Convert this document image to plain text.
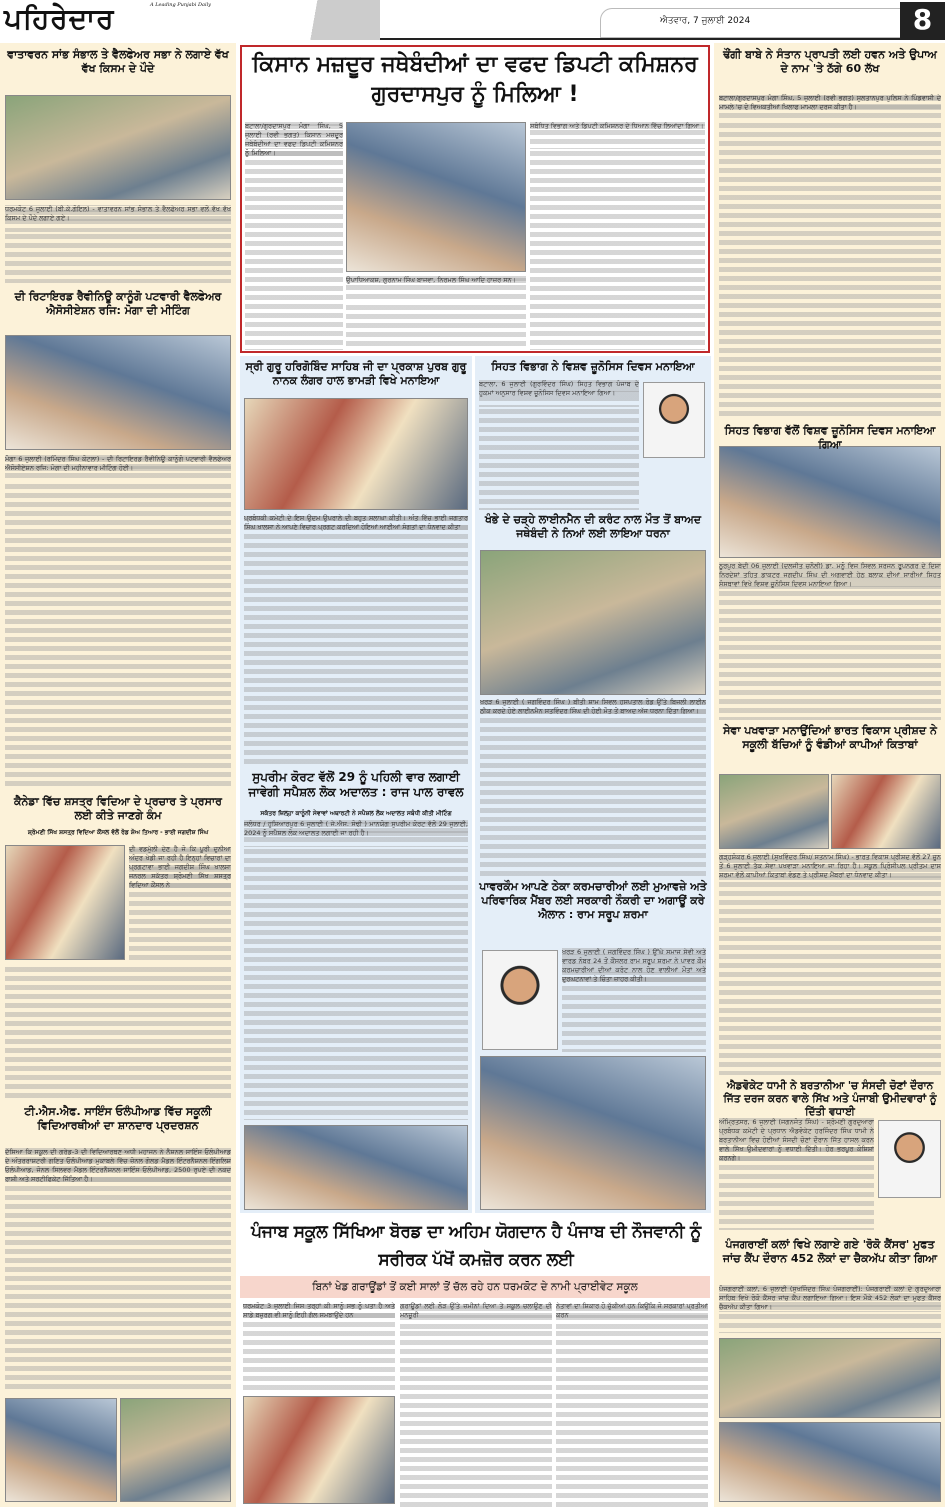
ਪਹਿਰੇਦਾਰ	A Leading Punjabi Daily
ਐਤਵਾਰ, 7 ਜੁਲਾਈ 2024	8
ਵਾਤਾਵਰਨ ਸਾਂਭ ਸੰਭਾਲ ਤੇ ਵੈਲਫੇਅਰ ਸਭਾ ਨੇ ਲਗਾਏ ਵੱਖ ਵੱਖ ਕਿਸਮ ਦੇ ਪੌਦੇ
ਧਰਮਕੋਟ 6 ਜੁਲਾਈ (ਬੀ.ਕੇ.ਗੋਇਲ) - ਵਾਤਾਵਰਨ ਸਾਂਭ ਸੰਭਾਲ ਤੇ ਵੈਲਫੇਅਰ ਸਭਾ ਵਲੋਂ ਵੱਖ ਵੱਖ ਕਿਸਮ ਦੇ ਪੌਦੇ ਲਗਾਏ ਗਏ।
ਦੀ ਰਿਟਾਇਰਡ ਰੈਵੀਨਿਊ ਕਾਨੂੰਗੋ ਪਟਵਾਰੀ ਵੈਲਫੇਅਰ ਐਸੋਸੀਏਸ਼ਨ ਰਜਿ: ਮੋਗਾ ਦੀ ਮੀਟਿੰਗ
ਮੋਗਾ 6 ਜੁਲਾਈ (ਰਮਿੰਦਰ ਸਿੰਘ ਕੋਟਲਾ) - ਦੀ ਰਿਟਾਇਰਡ ਰੈਵੀਨਿਊ ਕਾਨੂੰਗੋ ਪਟਵਾਰੀ ਵੈਲਫੇਅਰ ਐਸੋਸੀਏਸ਼ਨ ਰਜਿ: ਮੋਗਾ ਦੀ ਮਹੀਨਾਵਾਰ ਮੀਟਿੰਗ ਹੋਈ।
ਕੈਨੇਡਾ ਵਿੱਚ ਸ਼ਸਤ੍ਰ ਵਿਦਿਆ ਦੇ ਪ੍ਰਚਾਰ ਤੇ ਪ੍ਰਸਾਰ ਲਈ ਕੀਤੇ ਜਾਣਗੇ ਕੰਮ
ਸ਼੍ਰੋਮਣੀ ਸਿੱਖ ਸ਼ਸਤ੍ਰ ਵਿਦਿਆ ਕੌਂਸਲ ਵੱਲੋਂ ਰੋਡ ਸ਼ੋਅ ਤਿਆਰ - ਭਾਈ ਜਗਦੀਸ਼ ਸਿੰਘ
ਦੀ ਵਡਮੁੱਲੀ ਦੇਣ ਹੈ ਜੋ ਕਿ ਪੂਰੀ ਦੁਨੀਆ ਅੰਦਰ ਖੇਡੀ ਜਾ ਰਹੀ ਹੈ ਇਨ੍ਹਾਂ ਵਿਚਾਰਾਂ ਦਾ ਪ੍ਰਗਟਾਵਾ ਭਾਈ ਜਗਦੀਸ਼ ਸਿੰਘ ਖਾਲਸਾ ਜਨਰਲ ਸਕੱਤਰ ਸ਼੍ਰੋਮਣੀ ਸਿੱਖ ਸ਼ਸਤ੍ਰ ਵਿਦਿਆ ਕੌਂਸਲ ਨੇ
ਟੀ.ਐਸ.ਐਫ. ਸਾਇੰਸ ਓਲੰਪੀਆਡ ਵਿੱਚ ਸਕੂਲੀ ਵਿਦਿਆਰਥੀਆਂ ਦਾ ਸ਼ਾਨਦਾਰ ਪ੍ਰਦਰਸ਼ਨ
ਦੱਸਿਆ ਕਿ ਸਕੂਲ ਦੀ ਗਰੇਡ-3 ਦੀ ਵਿਦਿਆਰਥਣ ਅਧੀ ਮਹਾਜਨ ਨੇ ਨੈਸ਼ਨਲ ਸਾਇੰਸ ਓਲੰਪੀਆਡ ਦੇ ਅੰਤਰਰਾਸ਼ਟਰੀ ਗਣਿਤ ਓਲੰਪੀਆਡ ਮੁਕਾਬਲੇ ਵਿੱਚ ਜ਼ੋਨਲ ਗੋਲਡ ਮੈਡਲ ਇੰਟਰਨੈਸ਼ਨਲ ਇੰਗਲਿਸ਼ ਓਲੰਪੀਆਡ, ਜੋਨਲ ਸਿਲਵਰ ਮੈਡਲ ਇੰਟਰਨੈਸ਼ਨਲ ਸਾਇੰਸ ਓਲੰਪੀਆਡ, 2500 ਰੁਪਏ ਦੀ ਨਕਦ ਰਾਸ਼ੀ ਅਤੇ ਸਰਟੀਫਿਕੇਟ ਜਿੱਤਿਆ ਹੈ।
ਕਿਸਾਨ ਮਜ਼ਦੂਰ ਜਥੇਬੰਦੀਆਂ ਦਾ ਵਫਦ ਡਿਪਟੀ ਕਮਿਸ਼ਨਰ ਗੁਰਦਾਸਪੁਰ ਨੂੰ ਮਿਲਿਆ !
ਬਟਾਲਾ/ਗੁਰਦਾਸਪੁਰ ਮੰਗਾ ਸਿੰਘ, 5 ਜੁਲਾਈ (ਰਵੀ ਭਗਤ) ਕਿਸਾਨ ਮਜ਼ਦੂਰ ਜਥੇਬੰਦੀਆਂ ਦਾ ਵਫਦ ਡਿਪਟੀ ਕਮਿਸ਼ਨਰ ਨੂੰ ਮਿਲਿਆ।
ਉਪਾਧਿਆਕਸ਼, ਗੁਰਨਾਮ ਸਿੰਘ ਬਾਜਵਾ, ਨਿਰਮਲ ਸਿੰਘ ਆਦਿ ਹਾਜ਼ਰ ਸਨ।
ਸਬੰਧਿਤ ਵਿਭਾਗ ਅਤੇ ਡਿਪਟੀ ਕਮਿਸ਼ਨਰ ਦੇ ਧਿਆਨ ਵਿੱਚ ਲਿਆਂਦਾ ਗਿਆ।
ਸ੍ਰੀ ਗੁਰੂ ਹਰਿਗੋਬਿੰਦ ਸਾਹਿਬ ਜੀ ਦਾ ਪ੍ਰਕਾਸ਼ ਪੁਰਬ ਗੁਰੂ ਨਾਨਕ ਲੰਗਰ ਹਾਲ ਭਾਮੜੀ ਵਿਖੇ ਮਨਾਇਆ
ਪ੍ਰਬੰਧਕੀ ਕਮੇਟੀ ਦੇ ਇਸ ਉਦਮ ਉਪਰਾਲੇ ਦੀ ਬਹੁਤ ਸਲਾਘਾ ਕੀਤੀ। ਅੰਤ ਵਿੱਚ ਭਾਈ ਜਗਤਾਰ ਸਿੰਘ ਖਾਲਸਾ ਨੇ ਆਪਣੇ ਵਿਚਾਰ ਪ੍ਰਗਟ ਕਰਦਿਆਂ ਹੋਇਆਂ ਆਈਆਂ ਸੰਗਤਾਂ ਦਾ ਧੰਨਵਾਦ ਕੀਤਾ
ਸੁਪਰੀਮ ਕੋਰਟ ਵੱਲੋਂ 29 ਨੂੰ ਪਹਿਲੀ ਵਾਰ ਲਗਾਈ ਜਾਵੇਗੀ ਸਪੈਸ਼ਲ ਲੋਕ ਅਦਾਲਤ : ਰਾਜ ਪਾਲ ਰਾਵਲ
ਸਕੱਤਰ ਜ਼ਿਲ੍ਹਾ ਕਾਨੂੰਨੀ ਸੇਵਾਵਾਂ ਅਥਾਰਟੀ ਨੇ ਸਪੈਸ਼ਲ ਲੋਕ ਅਦਾਲਤ ਸਬੰਧੀ ਕੀਤੀ ਮੀਟਿੰਗ
ਜਲੰਧਰ / ਹੁਸ਼ਿਆਰਪੁਰ 6 ਜੁਲਾਈ ( ਜੇ.ਐਸ. ਸੋਢੀ ) ਮਾਨਯੋਗ ਸੁਪਰੀਮ ਕੋਰਟ ਵੱਲੋਂ 29 ਜੁਲਾਈ, 2024 ਨੂੰ ਸਪੈਸ਼ਲ ਲੋਕ ਅਦਾਲਤ ਲਗਾਈ ਜਾ ਰਹੀ ਹੈ।
ਸਿਹਤ ਵਿਭਾਗ ਨੇ ਵਿਸ਼ਵ ਜ਼ੂਨੋਸਿਸ ਦਿਵਸ ਮਨਾਇਆ
ਬਟਾਲਾ, 6 ਜੁਲਾਈ (ਗੁਰਵਿੰਦਰ ਸਿੰਘ) ਸਿਹਤ ਵਿਭਾਗ ਪੰਜਾਬ ਦੇ ਹੁਕਮਾਂ ਅਨੁਸਾਰ ਵਿਸ਼ਵ ਜ਼ੂਨੋਸਿਸ ਦਿਵਸ ਮਨਾਇਆ ਗਿਆ।
ਖੰਭੇ ਦੇ ਚੜ੍ਹੇ ਲਾਈਨਮੈਨ ਦੀ ਕਰੰਟ ਨਾਲ ਮੌਤ ਤੋਂ ਬਾਅਦ ਜਥੇਬੰਦੀ ਨੇ ਨਿਆਂ ਲਈ ਲਾਇਆ ਧਰਨਾ
ਖਰੜ 6 ਜੁਲਾਈ ( ਜਗਵਿੰਦਰ ਸਿੰਘ ) ਬੀਤੀ ਸ਼ਾਮ ਸਿਵਲ ਹਸਪਤਾਲ ਰੋਡ ਉੱਤੇ ਬਿਜਲੀ ਲਾਈਨ ਠੀਕ ਕਰਦੇ ਹੋਏ ਲਾਈਨਮੈਨ ਸਤਵਿੰਦਰ ਸਿੰਘ ਦੀ ਹੋਈ ਮੌਤ ਤੋਂ ਬਾਅਦ ਅੱਜ ਧਰਨਾ ਦਿੱਤਾ ਗਿਆ।
ਪਾਵਰਕੌਮ ਆਪਣੇ ਠੇਕਾ ਕਰਮਚਾਰੀਆਂ ਲਈ ਮੁਆਵਜ਼ੇ ਅਤੇ ਪਰਿਵਾਰਿਕ ਮੈਂਬਰ ਲਈ ਸਰਕਾਰੀ ਨੌਕਰੀ ਦਾ ਅਗਾਊਂ ਕਰੇ ਐਲਾਨ : ਰਾਮ ਸਰੂਪ ਸ਼ਰਮਾ
ਖਰੜ 6 ਜੁਲਾਈ ( ਜਗਵਿੰਦਰ ਸਿੰਘ ) ਉੱਘੇ ਸਮਾਜ ਸੇਵੀ ਅਤੇ ਵਾਰਡ ਨੰਬਰ 24 ਤੋਂ ਕੌਂਸਲਰ ਰਾਮ ਸਰੂਪ ਸ਼ਰਮਾ ਨੇ ਪਾਵਰ ਕੌਮ ਕਰਮਚਾਰੀਆਂ ਦੀਆਂ ਕਰੰਟ ਨਾਲ ਹੋਣ ਵਾਲੀਆਂ ਮੌਤਾਂ ਅਤੇ ਦੁਰਘਟਨਾਵਾਂ ਤੇ ਚਿੰਤਾ ਜ਼ਾਹਰ ਕੀਤੀ।
ਪੰਜਾਬ ਸਕੂਲ ਸਿੱਖਿਆ ਬੋਰਡ ਦਾ ਅਹਿਮ ਯੋਗਦਾਨ ਹੈ ਪੰਜਾਬ ਦੀ ਨੌਜਵਾਨੀ ਨੂੰ ਸਰੀਰਕ ਪੱਖੋਂ ਕਮਜ਼ੋਰ ਕਰਨ ਲਈ
ਬਿਨਾਂ ਖੇਡ ਗਰਾਊਂਡਾਂ ਤੋਂ ਕਈ ਸਾਲਾਂ ਤੋਂ ਚੱਲ ਰਹੇ ਹਨ ਧਰਮਕੋਟ ਦੇ ਨਾਮੀ ਪ੍ਰਾਈਵੇਟ ਸਕੂਲ
ਧਰਮਕੋਟ 3 ਜੁਲਾਈ ਜਿਸ ਤਰ੍ਹਾਂ ਕੀ ਸਾਨੂੰ ਸਭ ਨੂੰ ਪਤਾ ਹੈ ਅਤੇ ਸਾਡੇ ਬਜ਼ੁਰਗ ਵੀ ਸਾਨੂੰ ਇਹੀ ਗੱਲ ਸਮਝਾਉਂਦੇ ਹਨ
ਗਰਾਊਂਡਾਂ ਲਈ ਲੋੜ ਉੱਤੇ ਜ਼ਮੀਨਾਂ ਦਿਆ ਤੇ ਸਕੂਲ ਚਲਾਉਣ ਦੀ ਮਨਜ਼ੂਰੀ
ਨੇਤਾਵਾਂ ਦਾ ਸ਼ਿਕਾਰ ਹੋ ਚੁੱਕੀਆਂ ਹਨ ਕਿਉਂਕਿ ਜੋ ਸਰਕਾਰਾਂ ਪ੍ਰਤੀਆਂ ਕਰਨ
ਢੌਂਗੀ ਬਾਬੇ ਨੇ ਸੰਤਾਨ ਪ੍ਰਾਪਤੀ ਲਈ ਹਵਨ ਅਤੇ ਉਪਾਅ ਦੇ ਨਾਮ 'ਤੇ ਠੱਗੇ 60 ਲੱਖ
ਬਟਾਲਾ/ਗੁਰਦਾਸਪੁਰ ਮੰਗਾ ਸਿੰਘ, 5 ਜੁਲਾਈ (ਰਵੀ ਭਗਤ) ਸੁਲਤਾਨਪੁਰ ਪੁਲਿਸ ਨੇ ਪਿੰਡਵਾਸੀ ਦੇ ਮਾਮਲੇ 'ਚ ਦੋ ਵਿਅਕਤੀਆਂ ਖਿਲਾਫ ਮਾਮਲਾ ਦਰਜ ਕੀਤਾ ਹੈ।
ਸਿਹਤ ਵਿਭਾਗ ਵੱਲੋਂ ਵਿਸ਼ਵ ਜ਼ੂਨੋਸਿਸ ਦਿਵਸ ਮਨਾਇਆ ਗਿਆ
ਨੂਰਪੁਰ ਬੇਦੀ 06 ਜੁਲਾਈ (ਦਲਜੀਤ ਚਨੌਲੀ) ਡਾ. ਮਨੂੰ ਵਿਜ ਸਿਵਲ ਸਰਜਨ ਰੂਪਨਗਰ ਦੇ ਦਿਸ਼ਾ ਨਿਰਦੇਸ਼ਾਂ ਤਹਿਤ ਡਾਕਟਰ ਜਗਦੀਪ ਸਿੰਘ ਦੀ ਅਗਵਾਈ ਹੇਠ ਬਲਾਕ ਦੀਆਂ ਸਾਰੀਆਂ ਸਿਹਤ ਸੰਸਥਾਵਾਂ ਵਿਖੇ ਵਿਸ਼ਵ ਜ਼ੂਨੋਸਿਸ ਦਿਵਸ ਮਨਾਇਆ ਗਿਆ।
ਸੇਵਾ ਪਖਵਾੜਾ ਮਨਾਉਂਦਿਆਂ ਭਾਰਤ ਵਿਕਾਸ ਪ੍ਰੀਸ਼ਦ ਨੇ ਸਕੂਲੀ ਬੱਚਿਆਂ ਨੂੰ ਵੰਡੀਆਂ ਕਾਪੀਆਂ ਕਿਤਾਬਾਂ
ਗੜ੍ਹਸ਼ੰਕਰ 6 ਜੁਲਾਈ (ਸੁਖਵਿੰਦਰ ਸਿੰਘ/ ਸਤਨਾਮ ਸਿੰਘ) - ਭਾਰਤ ਵਿਕਾਸ ਪ੍ਰੀਸ਼ਦ ਵੱਲੋਂ 27 ਜੂਨ ਤੋਂ 6 ਜੁਲਾਈ ਤੱਕ ਸੇਵਾ ਪਖਵਾੜਾ ਮਨਾਇਆ ਜਾ ਰਿਹਾ ਹੈ। ਸਕੂਲ ਪ੍ਰਿੰਸੀਪਲ ਪ੍ਰੀਤਮ ਦਾਸ ਸ਼ਰਮਾ ਵੱਲੋਂ ਕਾਪੀਆਂ ਕਿਤਾਬਾਂ ਵੰਡਣ ਤੇ ਪ੍ਰੀਸ਼ਦ ਮੈਂਬਰਾਂ ਦਾ ਧੰਨਵਾਦ ਕੀਤਾ।
ਐਡਵੋਕੇਟ ਧਾਮੀ ਨੇ ਬਰਤਾਨੀਆ 'ਚ ਸੰਸਦੀ ਚੋਣਾਂ ਦੌਰਾਨ ਜਿੱਤ ਦਰਜ ਕਰਨ ਵਾਲੇ ਸਿੱਖ ਅਤੇ ਪੰਜਾਬੀ ਉਮੀਦਵਾਰਾਂ ਨੂੰ ਦਿੱਤੀ ਵਧਾਈ
ਅੰਮ੍ਰਿਤਸਰ, 6 ਜੁਲਾਈ (ਜਗਨਜੋਤ ਸਿੰਘ) - ਸ਼੍ਰੋਮਣੀ ਗੁਰਦੁਆਰਾ ਪ੍ਰਬੰਧਕ ਕਮੇਟੀ ਦੇ ਪ੍ਰਧਾਨ ਐਡਵੋਕੇਟ ਹਰਜਿੰਦਰ ਸਿੰਘ ਧਾਮੀ ਨੇ ਬਰਤਾਨੀਆ ਵਿਚ ਹੋਈਆਂ ਸੰਸਦੀ ਚੋਣਾਂ ਦੌਰਾਨ ਜਿੱਤ ਹਾਸਲ ਕਰਨ ਵਾਲੇ ਸਿੱਖ ਉਮੀਦਵਾਰਾਂ ਨੂੰ ਵਧਾਈ ਦਿੱਤੀ। ਹੋਰ ਭਰਪੂਰ ਕੋਸ਼ਿਸ਼ਾਂ ਕਰਨਗੇ।
ਪੰਜਗਰਾਈਂ ਕਲਾਂ ਵਿਖੇ ਲਗਾਏ ਗਏ 'ਰੋਕੋ ਕੈਂਸਰ' ਮੁਫਤ ਜਾਂਚ ਕੈਂਪ ਦੌਰਾਨ 452 ਲੋਕਾਂ ਦਾ ਚੈਕਅੱਪ ਕੀਤਾ ਗਿਆ
ਪੰਜਗਰਾਈਂ ਕਲਾਂ, 6 ਜੁਲਾਈ (ਸੁਖਜਿੰਦਰ ਸਿੰਘ ਪੰਜਗਰਾਈਂ): ਪੰਜਗਰਾਈਂ ਕਲਾਂ ਦੇ ਗੁਰਦੁਆਰਾ ਸਾਹਿਬ ਵਿਖੇ ਰੋਕੋ ਕੈਂਸਰ ਜਾਂਚ ਕੈਂਪ ਲਗਾਇਆ ਗਿਆ। ਇਸ ਮੌਕੇ 452 ਲੋਕਾਂ ਦਾ ਮੁਫਤ ਕੈਂਸਰ ਚੈਕਅੱਪ ਕੀਤਾ ਗਿਆ।
